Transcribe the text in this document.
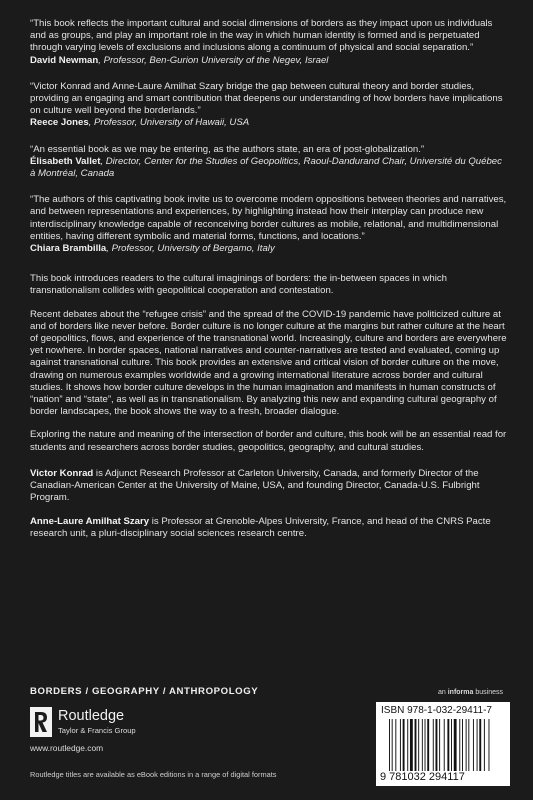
“This book reflects the important cultural and social dimensions of borders as they impact upon us individuals and as groups, and play an important role in the way in which human identity is formed and is perpetuated through varying levels of exclusions and inclusions along a continuum of physical and social separation.”

David Newman, Professor, Ben-Gurion University of the Negev, Israel

“Victor Konrad and Anne-Laure Amilhat Szary bridge the gap between cultural theory and border studies, providing an engaging and smart contribution that deepens our understanding of how borders have implications on culture well beyond the borderlands.”

Reece Jones, Professor, University of Hawaii, USA

“An essential book as we may be entering, as the authors state, an era of post-globalization.”

Élisabeth Vallet, Director, Center for the Studies of Geopolitics, Raoul-Dandurand Chair, Université du Québec à Montréal, Canada

“The authors of this captivating book invite us to overcome modern oppositions between theories and narratives, and between representations and experiences, by highlighting instead how their interplay can produce new interdisciplinary knowledge capable of reconceiving border cultures as mobile, relational, and multidimensional entities, having different symbolic and material forms, functions, and locations.”

Chiara Brambilla, Professor, University of Bergamo, Italy

This book introduces readers to the cultural imaginings of borders: the in-between spaces in which transnationalism collides with geopolitical cooperation and contestation.

Recent debates about the “refugee crisis” and the spread of the COVID-19 pandemic have politicized culture at and of borders like never before. Border culture is no longer culture at the margins but rather culture at the heart of geopolitics, flows, and experience of the transnational world. Increasingly, culture and borders are everywhere yet nowhere. In border spaces, national narratives and counter-narratives are tested and evaluated, coming up against transnational culture. This book provides an extensive and critical vision of border culture on the move, drawing on numerous examples worldwide and a growing international literature across border and cultural studies. It shows how border culture develops in the human imagination and manifests in human constructs of “nation” and “state”, as well as in transnationalism. By analyzing this new and expanding cultural geography of border landscapes, the book shows the way to a fresh, broader dialogue.

Exploring the nature and meaning of the intersection of border and culture, this book will be an essential read for students and researchers across border studies, geopolitics, geography, and cultural studies.

Victor Konrad is Adjunct Research Professor at Carleton University, Canada, and formerly Director of the Canadian-American Center at the University of Maine, USA, and founding Director, Canada-U.S. Fulbright Program.

Anne-Laure Amilhat Szary is Professor at Grenoble-Alpes University, France, and head of the CNRS Pacte research unit, a pluri-disciplinary social sciences research centre.

BORDERS / GEOGRAPHY / ANTHROPOLOGY
Routledge
Taylor & Francis Group
www.routledge.com
Routledge titles are available as eBook editions in a range of digital formats
an informa business
ISBN 978-1-032-29411-7
9 781032 294117
